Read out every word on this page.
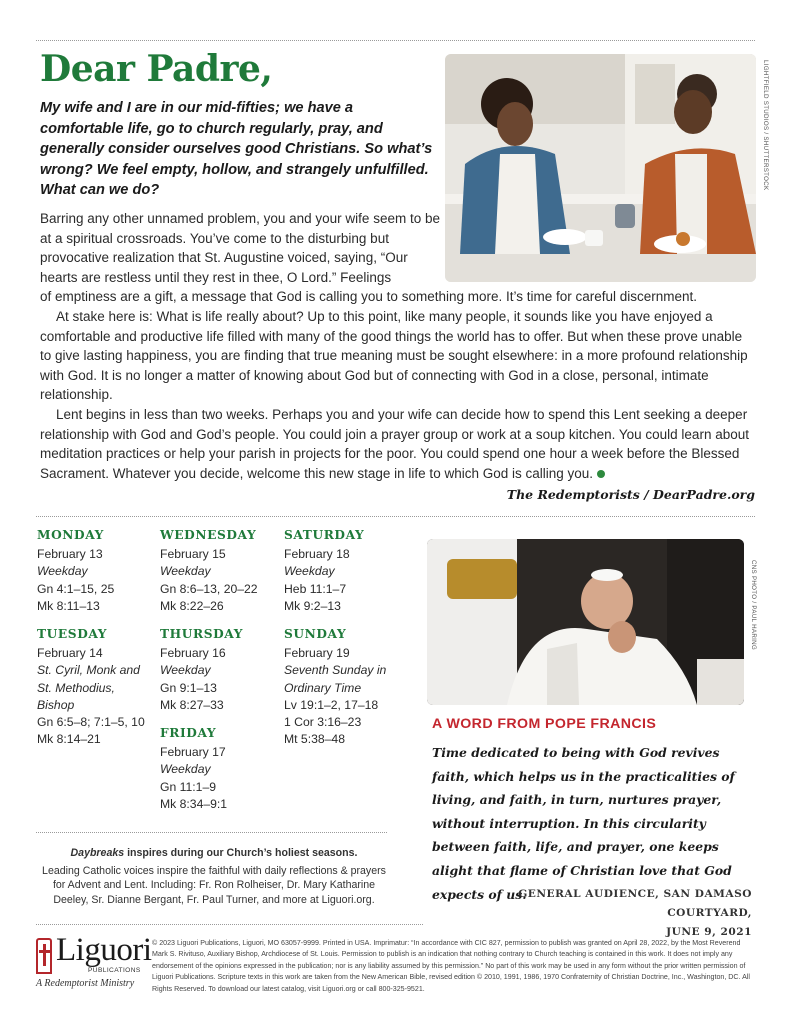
Dear Padre,
My wife and I are in our mid-fifties; we have a comfortable life, go to church regularly, pray, and generally consider ourselves good Christians. So what’s wrong? We feel empty, hollow, and strangely unfulfilled. What can we do?	LIGHTFIELD STUDIOS / SHUTTERSTOCK

Barring any other unnamed problem, you and your wife seem to be at a spiritual crossroads. You’ve come to the disturbing but provocative realization that St. Augustine voiced, saying, “Our hearts are restless until they rest in thee, O Lord.” Feelings

of emptiness are a gift, a message that God is calling you to something more. It’s time for careful discernment.

At stake here is: What is life really about? Up to this point, like many people, it sounds like you have enjoyed a comfortable and productive life filled with many of the good things the world has to offer. But when these prove unable to give lasting happiness, you are finding that true meaning must be sought elsewhere: in a more profound relationship with God. It is no longer a matter of knowing about God but of connecting with God in a close, personal, intimate relationship.

Lent begins in less than two weeks. Perhaps you and your wife can decide how to spend this Lent seeking a deeper relationship with God and God’s people. You could join a prayer group or work at a soup kitchen. You could learn about meditation practices or help your parish in projects for the poor. You could spend one hour a week before the Blessed Sacrament. Whatever you decide, welcome this new stage in life to which God is calling you.

The Redemptorists / DearPadre.org
MONDAY
February 13
Weekday
Gn 4:1–15, 25
Mk 8:11–13
TUESDAY
February 14
St. Cyril, Monk and St. Methodius, Bishop
Gn 6:5–8; 7:1–5, 10
Mk 8:14–21
WEDNESDAY
February 15
Weekday
Gn 8:6–13, 20–22
Mk 8:22–26
THURSDAY
February 16
Weekday
Gn 9:1–13
Mk 8:27–33
FRIDAY
February 17
Weekday
Gn 11:1–9
Mk 8:34–9:1
SATURDAY
February 18
Weekday
Heb 11:1–7
Mk 9:2–13
SUNDAY
February 19
Seventh Sunday in Ordinary Time
Lv 19:1–2, 17–18
1 Cor 3:16–23
Mt 5:38–48
Daybreaks inspires during our Church’s holiest seasons.
Leading Catholic voices inspire the faithful with daily reflections & prayers for Advent and Lent. Including: Fr. Ron Rolheiser, Dr. Mary Katharine Deeley, Sr. Dianne Bergant, Fr. Paul Turner, and more at Liguori.org.
CNS PHOTO / PAUL HARING
A WORD FROM POPE FRANCIS
Time dedicated to being with God revives faith, which helps us in the practicalities of living, and faith, in turn, nurtures prayer, without interruption. In this circularity between faith, life, and prayer, one keeps alight that flame of Christian love that God expects of us.
GENERAL AUDIENCE, SAN DAMASO COURTYARD,
JUNE 9, 2021
Liguori
PUBLICATIONS
A Redemptorist Ministry
© 2023 Liguori Publications, Liguori, MO 63057-9999. Printed in USA. Imprimatur: “In accordance with CIC 827, permission to publish was granted on April 28, 2022, by the Most Reverend Mark S. Rivituso, Auxiliary Bishop, Archdiocese of St. Louis. Permission to publish is an indication that nothing contrary to Church teaching is contained in this work. It does not imply any endorsement of the opinions expressed in the publication; nor is any liability assumed by this permission.” No part of this work may be used in any form without the prior written permission of Liguori Publications. Scripture texts in this work are taken from the New American Bible, revised edition © 2010, 1991, 1986, 1970 Confraternity of Christian Doctrine, Inc., Washington, DC. All Rights Reserved. To download our latest catalog, visit Liguori.org or call 800-325-9521.
